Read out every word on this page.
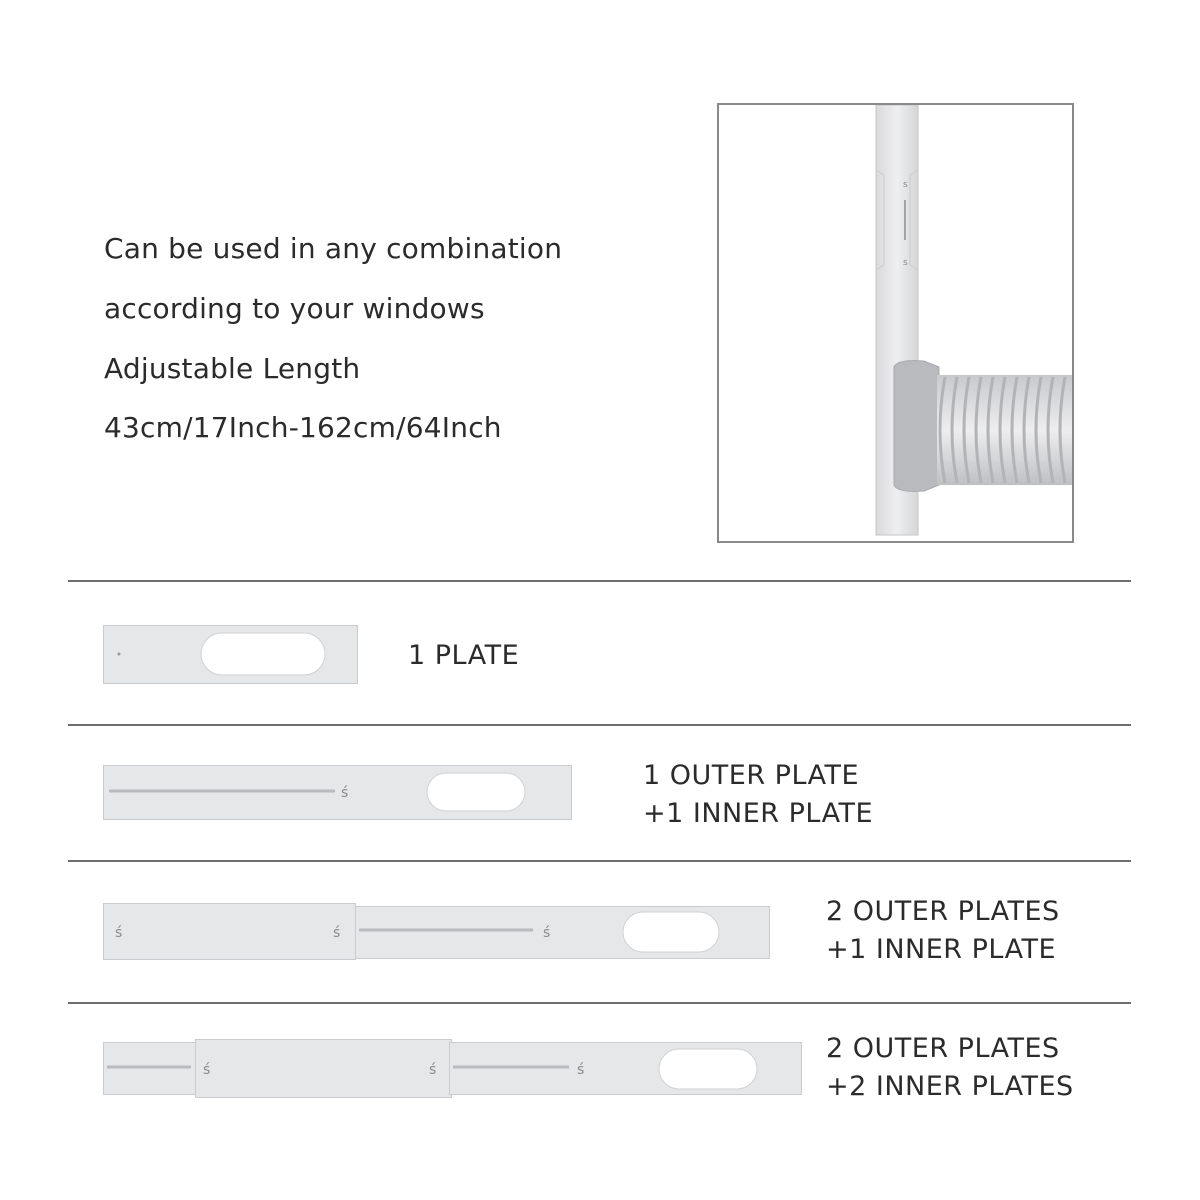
Can be used in any combination
according to your windows
Adjustable Length
43cm/17Inch-162cm/64Inch
s
s
1 PLATE
ś
1 OUTER PLATE
+1 INNER PLATE
ś	ś	ś
2 OUTER PLATES
+1 INNER PLATE
ś	ś	ś
2 OUTER PLATES
+2 INNER PLATES
